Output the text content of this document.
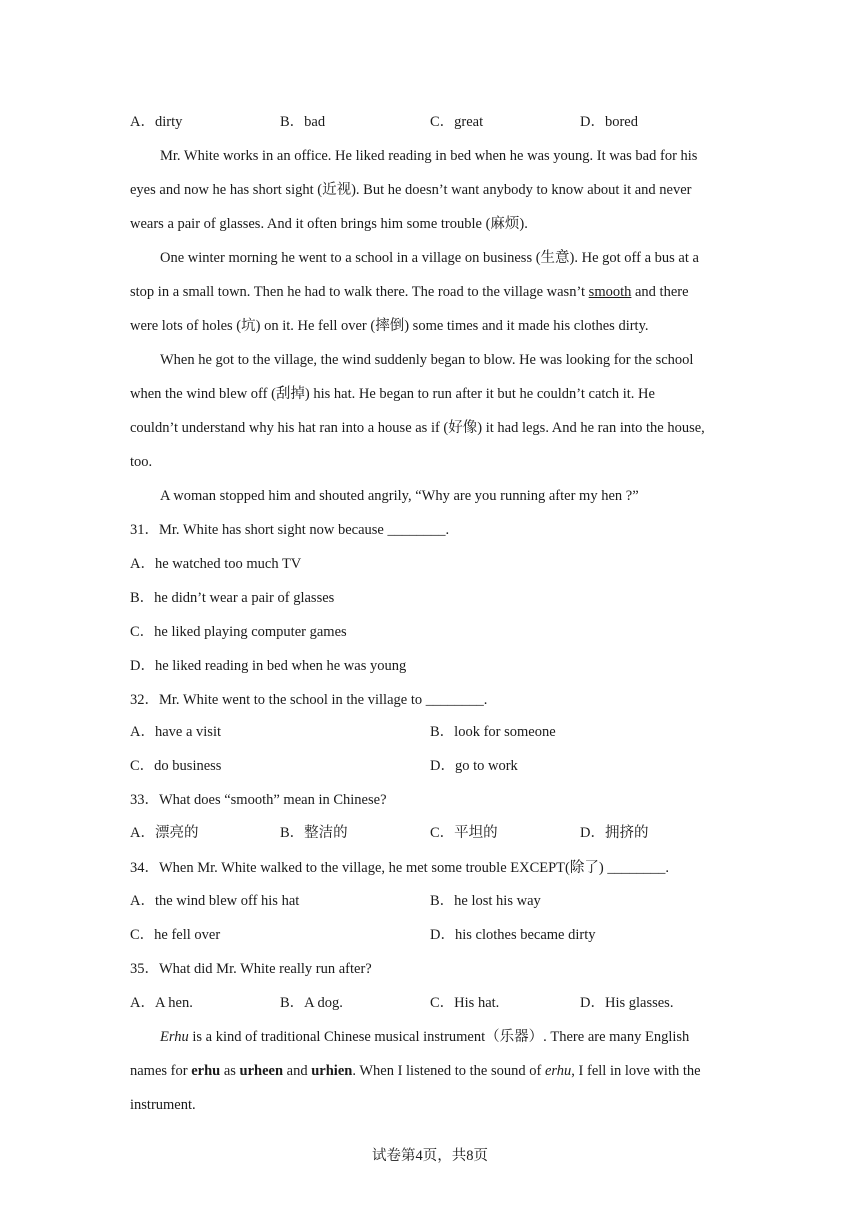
A．dirty	B．bad	C．great	D．bored
Mr. White works in an office. He liked reading in bed when he was young. It was bad for his
eyes and now he has short sight (近视). But he doesn’t want anybody to know about it and never
wears a pair of glasses. And it often brings him some trouble (麻烦).
One winter morning he went to a school in a village on business (生意). He got off a bus at a
stop in a small town. Then he had to walk there. The road to the village wasn’t smooth and there
were lots of holes (坑) on it. He fell over (摔倒) some times and it made his clothes dirty.
When he got to the village, the wind suddenly began to blow. He was looking for the school
when the wind blew off (刮掉) his hat. He began to run after it but he couldn’t catch it. He
couldn’t understand why his hat ran into a house as if (好像) it had legs. And he ran into the house,
too.
A woman stopped him and shouted angrily, “Why are you running after my hen ?”
31．Mr. White has short sight now because ________.
A．he watched too much TV
B．he didn’t wear a pair of glasses
C．he liked playing computer games
D．he liked reading in bed when he was young
32．Mr. White went to the school in the village to ________.
A．have a visit	B．look for someone
C．do business	D．go to work
33．What does “smooth” mean in Chinese?
A．漂亮的	B．整洁的	C．平坦的	D．拥挤的
34．When Mr. White walked to the village, he met some trouble EXCEPT(除了) ________.
A．the wind blew off his hat	B．he lost his way
C．he fell over	D．his clothes became dirty
35．What did Mr. White really run after?
A．A hen.	B．A dog.	C．His hat.	D．His glasses.
Erhu is a kind of traditional Chinese musical instrument（乐器）. There are many English
names for erhu as urheen and urhien. When I listened to the sound of erhu, I fell in love with the
instrument.
试卷第4页，共8页
